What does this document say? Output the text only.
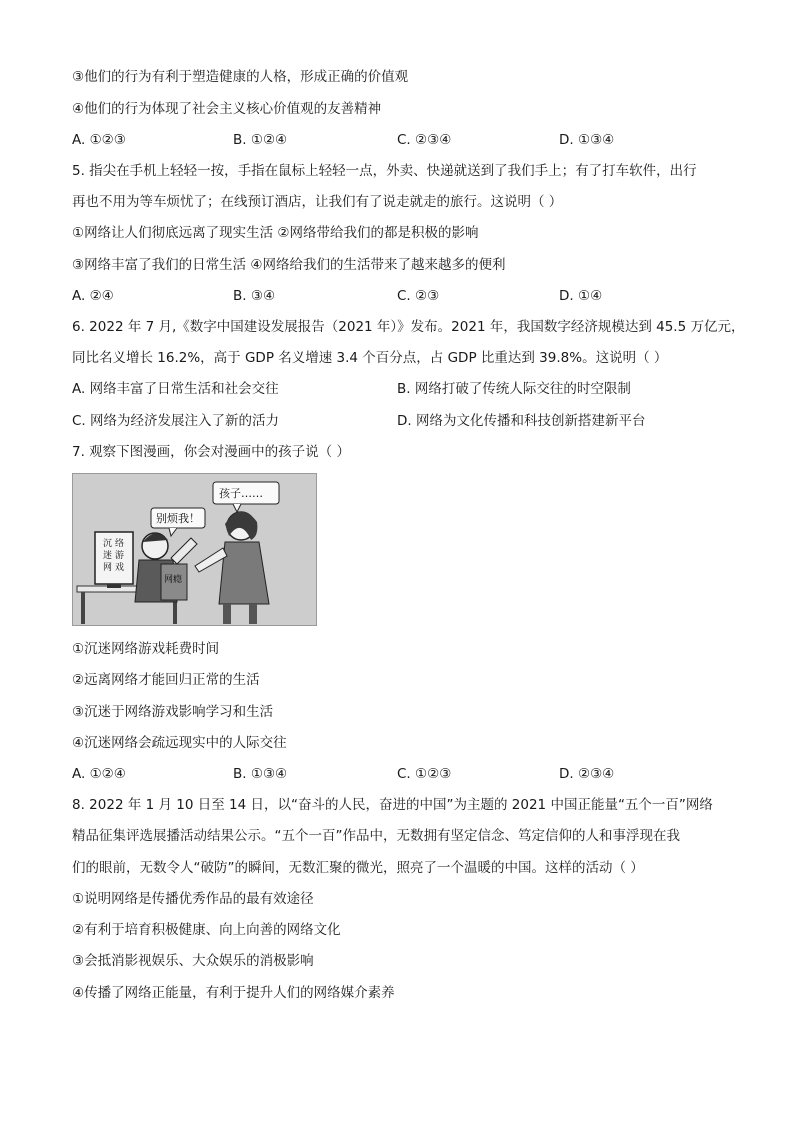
③他们的行为有利于塑造健康的人格，形成正确的价值观
④他们的行为体现了社会主义核心价值观的友善精神
A. ①②③	B. ①②④	C. ②③④	D. ①③④
5. 指尖在手机上轻轻一按，手指在鼠标上轻轻一点，外卖、快递就送到了我们手上；有了打车软件，出行
再也不用为等车烦忧了；在线预订酒店，让我们有了说走就走的旅行。这说明（ ）
①网络让人们彻底远离了现实生活 ②网络带给我们的都是积极的影响
③网络丰富了我们的日常生活 ④网络给我们的生活带来了越来越多的便利
A. ②④	B. ③④	C. ②③	D. ①④
6. 2022 年 7 月,《数字中国建设发展报告（2021 年）》发布。2021 年，我国数字经济规模达到 45.5 万亿元，
同比名义增长 16.2%，高于 GDP 名义增速 3.4 个百分点，占 GDP 比重达到 39.8%。这说明（ ）
A. 网络丰富了日常生活和社会交往	B. 网络打破了传统人际交往的时空限制
C. 网络为经济发展注入了新的活力	D. 网络为文化传播和科技创新搭建新平台
7. 观察下图漫画，你会对漫画中的孩子说（ ）
网瘾
孩子……
别烦我！
沉
迷
网
络
游
戏
①沉迷网络游戏耗费时间
②远离网络才能回归正常的生活
③沉迷于网络游戏影响学习和生活
④沉迷网络会疏远现实中的人际交往
A. ①②④	B. ①③④	C. ①②③	D. ②③④
8. 2022 年 1 月 10 日至 14 日，以“奋斗的人民，奋进的中国”为主题的 2021 中国正能量“五个一百”网络
精品征集评选展播活动结果公示。“五个一百”作品中，无数拥有坚定信念、笃定信仰的人和事浮现在我
们的眼前，无数令人“破防”的瞬间，无数汇聚的微光，照亮了一个温暖的中国。这样的活动（ ）
①说明网络是传播优秀作品的最有效途径
②有利于培育积极健康、向上向善的网络文化
③会抵消影视娱乐、大众娱乐的消极影响
④传播了网络正能量，有利于提升人们的网络媒介素养
